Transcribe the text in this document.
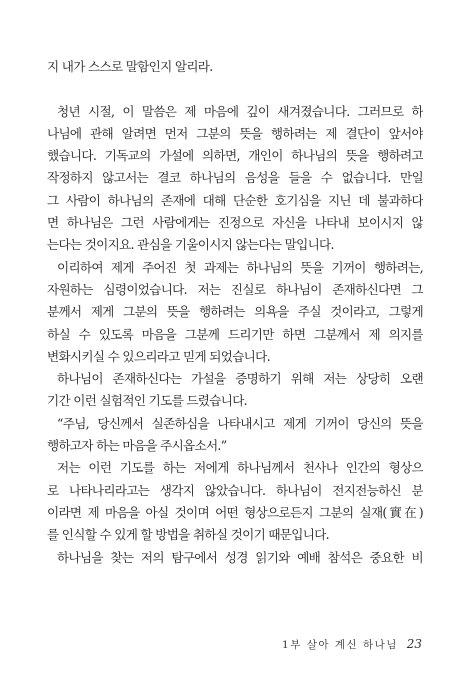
지 내가 스스로 말함인지 알리라.
청년 시절, 이 말씀은 제 마음에 깊이 새겨졌습니다. 그러므로 하
나님에 관해 알려면 먼저 그분의 뜻을 행하려는 제 결단이 앞서야
했습니다. 기독교의 가설에 의하면, 개인이 하나님의 뜻을 행하려고
작정하지 않고서는 결코 하나님의 음성을 들을 수 없습니다. 만일
그 사람이 하나님의 존재에 대해 단순한 호기심을 지닌 데 불과하다
면 하나님은 그런 사람에게는 진정으로 자신을 나타내 보이시지 않
는다는 것이지요. 관심을 기울이시지 않는다는 말입니다.
이리하여 제게 주어진 첫 과제는 하나님의 뜻을 기꺼이 행하려는,
자원하는 심령이었습니다. 저는 진실로 하나님이 존재하신다면 그
분께서 제게 그분의 뜻을 행하려는 의욕을 주실 것이라고, 그렇게
하실 수 있도록 마음을 그분께 드리기만 하면 그분께서 제 의지를
변화시키실 수 있으리라고 믿게 되었습니다.
하나님이 존재하신다는 가설을 증명하기 위해 저는 상당히 오랜
기간 이런 실험적인 기도를 드렸습니다.
“주님, 당신께서 실존하심을 나타내시고 제게 기꺼이 당신의 뜻을
행하고자 하는 마음을 주시옵소서.”
저는 이런 기도를 하는 저에게 하나님께서 천사나 인간의 형상으
로 나타나리라고는 생각지 않았습니다. 하나님이 전지전능하신 분
이라면 제 마음을 아실 것이며 어떤 형상으로든지 그분의 실재(實在)
를 인식할 수 있게 할 방법을 취하실 것이기 때문입니다.
하나님을 찾는 저의 탐구에서 성경 읽기와 예배 참석은 중요한 비
1부 살아 계신 하나님 23
